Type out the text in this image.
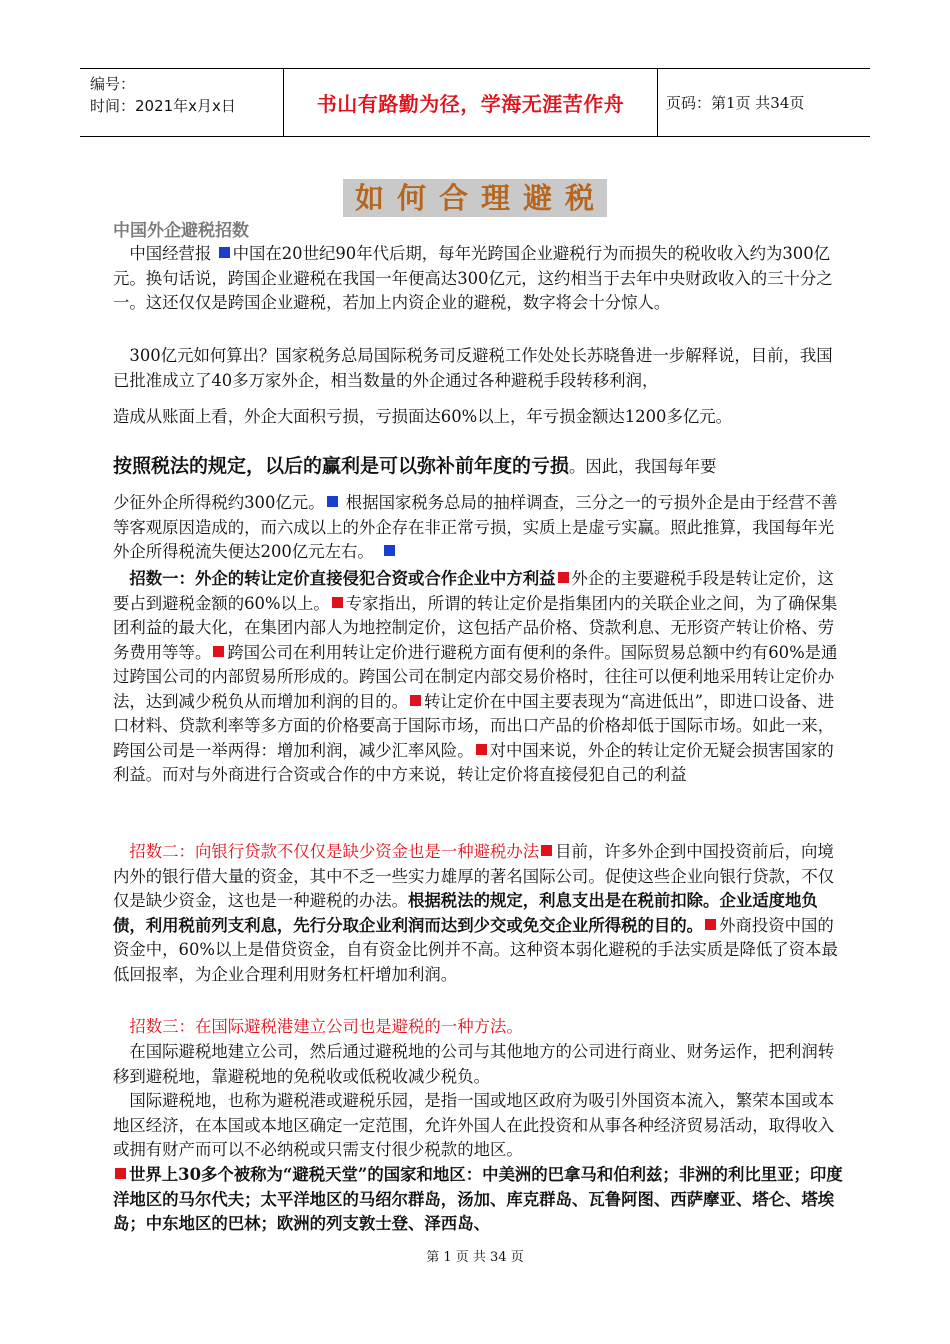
编号：
时间：2021年x月x日	书山有路勤为径，学海无涯苦作舟	页码：第1页 共34页
如何合理避税
中国外企避税招数

　中国经营报 中国在20世纪90年代后期，每年光跨国企业避税行为而损失的税收收入约为300亿元。换句话说，跨国企业避税在我国一年便高达300亿元，这约相当于去年中央财政收入的三十分之一。这还仅仅是跨国企业避税，若加上内资企业的避税，数字将会十分惊人。

　300亿元如何算出？国家税务总局国际税务司反避税工作处处长苏晓鲁进一步解释说，目前，我国已批准成立了40多万家外企，相当数量的外企通过各种避税手段转移利润，

造成从账面上看，外企大面积亏损，亏损面达60%以上，年亏损金额达1200多亿元。

按照税法的规定，以后的赢利是可以弥补前年度的亏损。因此，我国每年要

少征外企所得税约300亿元。 根据国家税务总局的抽样调查，三分之一的亏损外企是由于经营不善等客观原因造成的，而六成以上的外企存在非正常亏损，实质上是虚亏实赢。照此推算，我国每年光外企所得税流失便达200亿元左右。　

　招数一：外企的转让定价直接侵犯合资或合作企业中方利益 外企的主要避税手段是转让定价，这要占到避税金额的60%以上。 专家指出，所谓的转让定价是指集团内的关联企业之间，为了确保集团利益的最大化，在集团内部人为地控制定价，这包括产品价格、贷款利息、无形资产转让价格、劳务费用等等。 跨国公司在利用转让定价进行避税方面有便利的条件。国际贸易总额中约有60%是通过跨国公司的内部贸易所形成的。跨国公司在制定内部交易价格时，往往可以便利地采用转让定价办法，达到减少税负从而增加利润的目的。 转让定价在中国主要表现为“高进低出”，即进口设备、进口材料、贷款利率等多方面的价格要高于国际市场，而出口产品的价格却低于国际市场。如此一来，跨国公司是一举两得：增加利润，减少汇率风险。 对中国来说，外企的转让定价无疑会损害国家的利益。而对与外商进行合资或合作的中方来说，转让定价将直接侵犯自己的利益

　招数二：向银行贷款不仅仅是缺少资金也是一种避税办法 目前，许多外企到中国投资前后，向境内外的银行借大量的资金，其中不乏一些实力雄厚的著名国际公司。促使这些企业向银行贷款，不仅仅是缺少资金，这也是一种避税的办法。根据税法的规定，利息支出是在税前扣除。企业适度地负债，利用税前列支利息，先行分取企业利润而达到少交或免交企业所得税的目的。 外商投资中国的资金中，60%以上是借贷资金，自有资金比例并不高。这种资本弱化避税的手法实质是降低了资本最低回报率，为企业合理利用财务杠杆增加利润。

　招数三：在国际避税港建立公司也是避税的一种方法。

　在国际避税地建立公司，然后通过避税地的公司与其他地方的公司进行商业、财务运作，把利润转移到避税地，靠避税地的免税收或低税收减少税负。

　国际避税地，也称为避税港或避税乐园，是指一国或地区政府为吸引外国资本流入，繁荣本国或本地区经济，在本国或本地区确定一定范围，允许外国人在此投资和从事各种经济贸易活动，取得收入或拥有财产而可以不必纳税或只需支付很少税款的地区。

世界上30多个被称为“避税天堂”的国家和地区：中美洲的巴拿马和伯利兹；非洲的利比里亚；印度洋地区的马尔代夫；太平洋地区的马绍尔群岛，汤加、库克群岛、瓦鲁阿图、西萨摩亚、塔仑、塔埃岛；中东地区的巴林；欧洲的列支敦士登、泽西岛、

第 1 页 共 34 页
